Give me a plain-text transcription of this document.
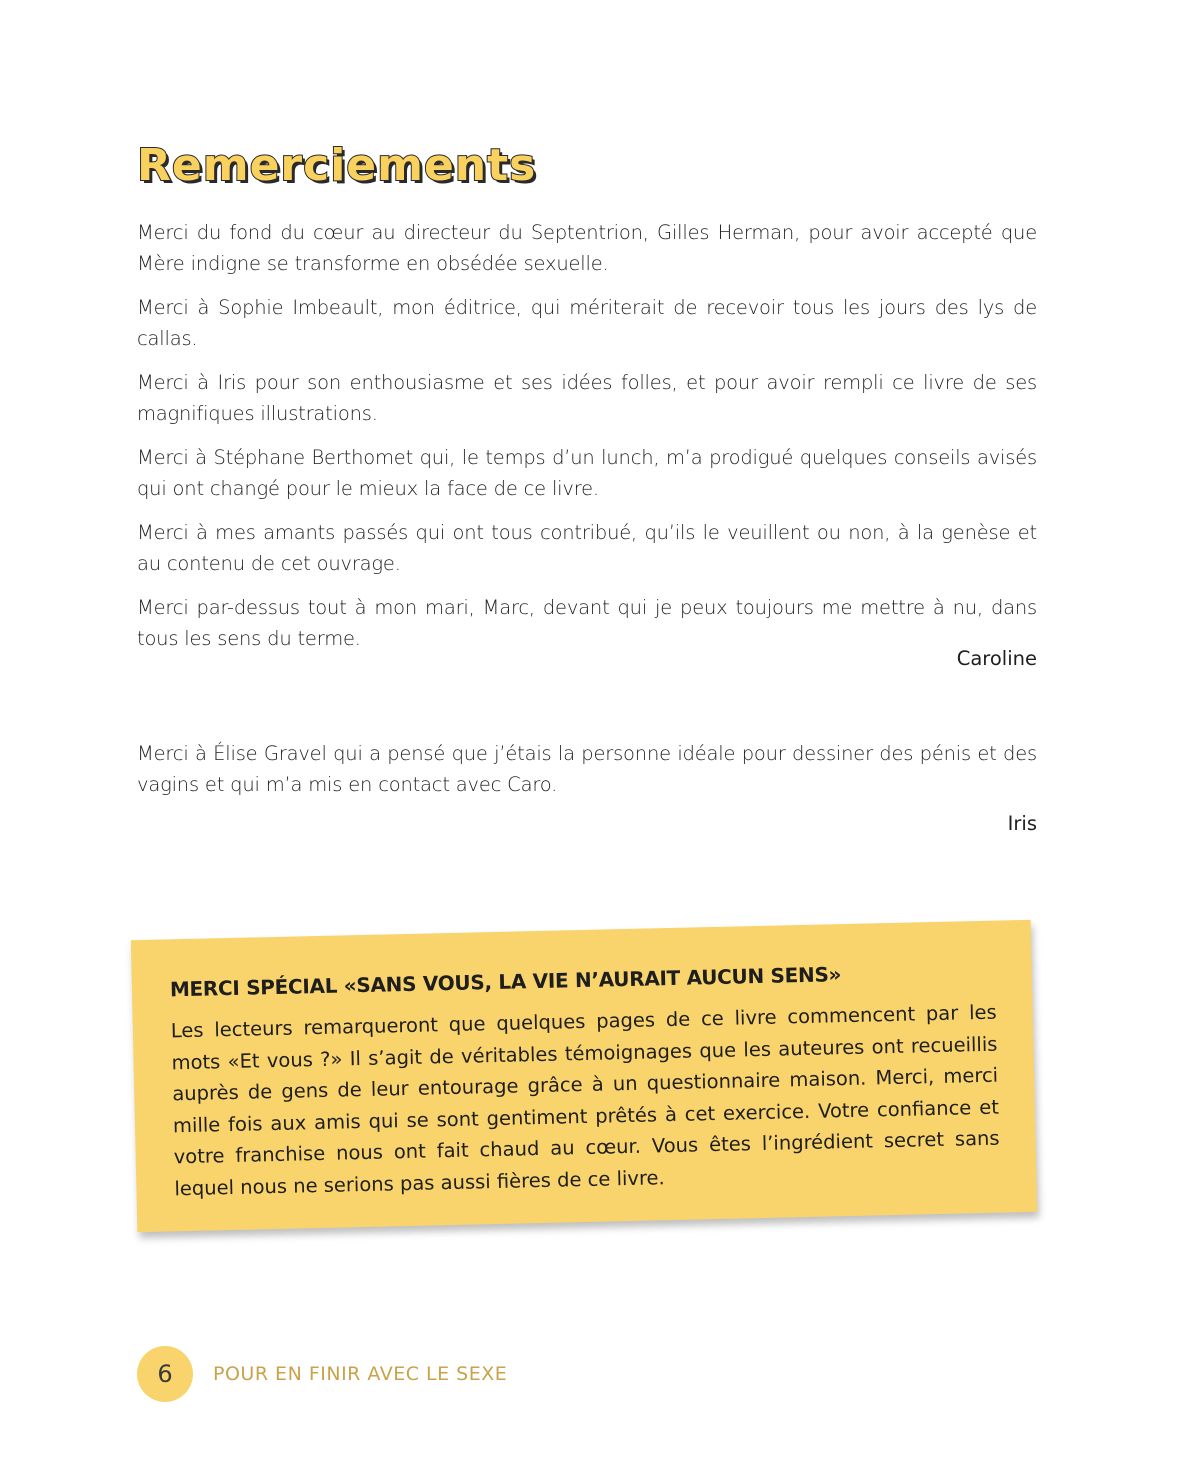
Remerciements

Merci du fond du cœur au directeur du Septentrion, Gilles Herman, pour avoir accepté que Mère indigne se transforme en obsédée sexuelle.

Merci à Sophie Imbeault, mon éditrice, qui mériterait de recevoir tous les jours des lys de callas.

Merci à Iris pour son enthousiasme et ses idées folles, et pour avoir rempli ce livre de ses magnifiques illustrations.

Merci à Stéphane Berthomet qui, le temps d’un lunch, m’a prodigué quelques conseils avisés qui ont changé pour le mieux la face de ce livre.

Merci à mes amants passés qui ont tous contribué, qu’ils le veuillent ou non, à la genèse et au contenu de cet ouvrage.

Merci par-dessus tout à mon mari, Marc, devant qui je peux toujours me mettre à nu, dans tous les sens du terme.

Caroline

Merci à Élise Gravel qui a pensé que j’étais la personne idéale pour dessiner des pénis et des vagins et qui m’a mis en contact avec Caro.

Iris
MERCI SPÉCIAL «SANS VOUS, LA VIE N’AURAIT AUCUN SENS»

Les lecteurs remarqueront que quelques pages de ce livre commencent par les mots «Et vous ?» Il s’agit de véritables témoignages que les auteures ont recueillis auprès de gens de leur entourage grâce à un questionnaire maison. Merci, merci mille fois aux amis qui se sont gentiment prêtés à cet exercice. Votre confiance et votre franchise nous ont fait chaud au cœur. Vous êtes l’ingrédient secret sans lequel nous ne serions pas aussi fières de ce livre.

6	POUR EN FINIR AVEC LE SEXE
